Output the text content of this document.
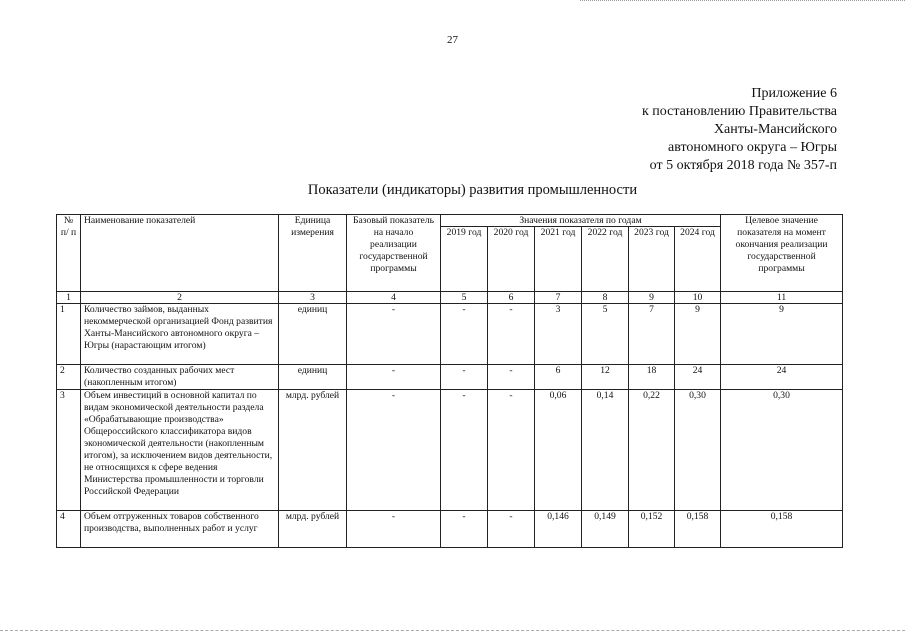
27
Приложение 6
к постановлению Правительства
Ханты-Мансийского
автономного округа – Югры
от 5 октября 2018 года № 357-п
Показатели (индикаторы) развития промышленности
№ п/ п	Наименование показателей	Единица измерения	Базовый показатель на начало реализации государственной программы	Значения показателя по годам						Целевое значение показателя на момент окончания реализации государственной программы
				2019 год	2020 год	2021 год	2022 год	2023 год	2024 год	
1	2	3	4	5	6	7	8	9	10	11
1	Количество займов, выданных некоммерческой организацией Фонд развития Ханты-Мансийского автономного округа – Югры (нарастающим итогом)	единиц	-	-	-	3	5	7	9	9
2	Количество созданных рабочих мест (накопленным итогом)	единиц	-	-	-	6	12	18	24	24
3	Объем инвестиций в основной капитал по видам экономической деятельности раздела «Обрабатывающие производства» Общероссийского классификатора видов экономической деятельности (накопленным итогом), за исключением видов деятельности, не относящихся к сфере ведения Министерства промышленности и торговли Российской Федерации	млрд. рублей	-	-	-	0,06	0,14	0,22	0,30	0,30
4	Объем отгруженных товаров собственного производства, выполненных работ и услуг	млрд. рублей	-	-	-	0,146	0,149	0,152	0,158	0,158
